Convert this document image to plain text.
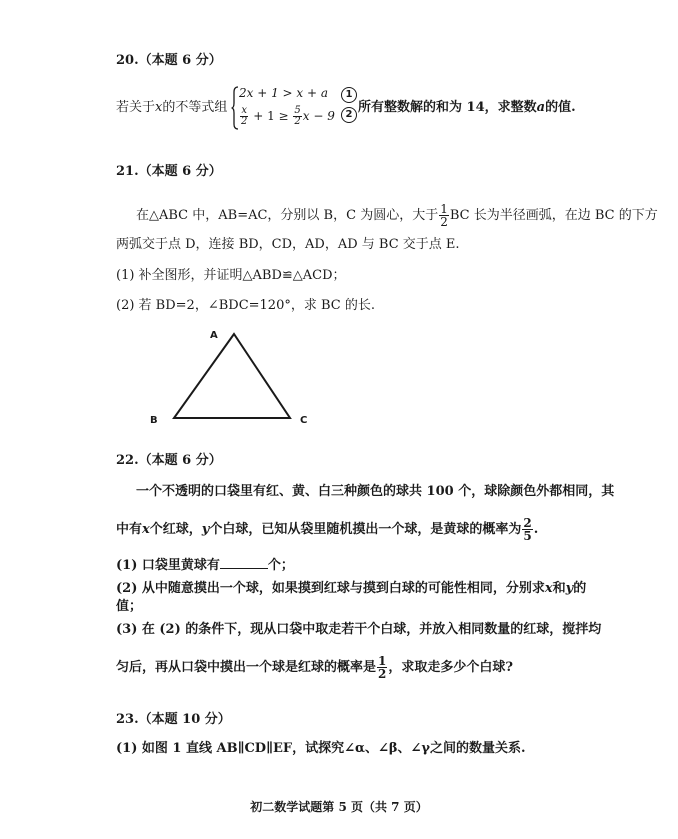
20.（本题 6 分）
若关于x的不等式组
2x + 1 > x + a
$\frac{x}{2} + 1 \ge \frac{5}{2}$ x − 9
1
2 所有整数解的和为 14，求整数a的值.
21.（本题 6 分）
在△ABC 中，AB=AC，分别以 B，C 为圆心，大于 $\frac{1}{2}$ BC 长为半径画弧，在边 BC 的下方
两弧交于点 D，连接 BD，CD，AD，AD 与 BC 交于点 E.
(1) 补全图形，并证明△ABD≌△ACD；
(2) 若 BD=2，∠BDC=120°，求 BC 的长.
A
B	C
22.（本题 6 分）
一个不透明的口袋里有红、黄、白三种颜色的球共 100 个，球除颜色外都相同，其
中有x个红球，y个白球，已知从袋里随机摸出一个球，是黄球的概率为 $\frac{2}{5}$ .
(1) 口袋里黄球有	个；
(2) 从中随意摸出一个球，如果摸到红球与摸到白球的可能性相同，分别求x和y的
值；
(3) 在 (2) 的条件下，现从口袋中取走若干个白球，并放入相同数量的红球，搅拌均
匀后，再从口袋中摸出一个球是红球的概率是 $\frac{1}{2}$ ，求取走多少个白球?
23.（本题 10 分）
(1) 如图 1 直线 AB∥CD∥EF，试探究∠α、∠β、∠γ之间的数量关系.
初二数学试题第 5 页（共 7 页）
